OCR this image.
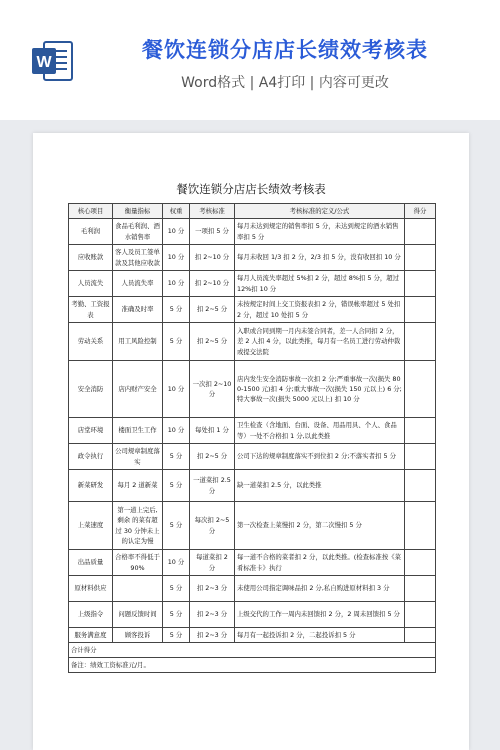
W
餐饮连锁分店店长绩效考核表
Word格式 | A4打印 | 内容可更改
餐饮连锁分店店长绩效考核表
核心项目	衡量指标	权重	考核标准	考核标准的定义/公式	得分
毛利润	食品毛利润、酒水销售率	10 分	一项扣 5 分	每月未达到规定的销售率扣 5 分，未达到规定的酒水销售率扣 5 分	
应收账款	客人及员工签单款及其他应收款	10 分	扣 2~10 分	每月未收回 1/3 扣 2 分，2/3 扣 5 分，没有收回扣 10 分	
人员流失	人员流失率	10 分	扣 2~10 分	每月人员流失率超过 5%扣 2 分，超过 8%扣 5 分，超过 12%扣 10 分	
考勤、工资报表	准确及时率	5 分	扣 2~5 分	未按规定时间上交工资报表扣 2 分，错误帐率超过 5 处扣 2 分，超过 10 处扣 5 分	
劳动关系	用工风险控制	5 分	扣 2~5 分	入职或合同到期一月内未签合同者，差一人合同扣 2 分，差 2 人扣 4 分，以此类推，每月有一名员工进行劳动仲裁或提交法院	
安全消防	店内财产安全	10 分	一次扣 2~10 分	店内发生安全消防事故一次扣 2 分;严重事故一次(损失 800-1500 元)扣 4 分;重大事故一次(损失 150 元以上) 6 分;特大事故一次(损失 5000 元以上) 扣 10 分	
店堂环境	楼面卫生工作	10 分	每处扣 1 分	卫生检查（含地面、台面、设备、用品用具、个人、食品等）一处不合格扣 1 分,以此类推	
政令执行	公司规章制度落实	5 分	扣 2~5 分	公司下达的规章制度落实不到位扣 2 分;不落实者扣 5 分	
新菜研发	每月 2 道新菜	5 分	一道菜扣 2.5 分	缺一道菜扣 2.5 分，以此类推	
上菜速度	第一道上完后,剩余 的菜有超过 30 分钟未上的认定为慢	5 分	每次扣 2~5 分	第一次检查上菜慢扣 2 分，第二次慢扣 5 分	
出品质量	合格率不得低于 90%	10 分	每道菜扣 2 分	每一道不合格的菜者扣 2 分，以此类推。(检查标准按《菜肴标准卡》执行	
原材料供应		5 分	扣 2~3 分	未使用公司指定调味品扣 2 分,私自购进原材料扣 3 分	
上级指令	问题反馈时间	5 分	扣 2~3 分	上级交代的工作一周内未回馈扣 2 分，2 周未回馈扣 5 分	
服务满意度	顾客投诉	5 分	扣 2~3 分	每月有一起投诉扣 2 分，二起投诉扣 5 分	
合计得分					
备注：绩效工资标准元/月。					
